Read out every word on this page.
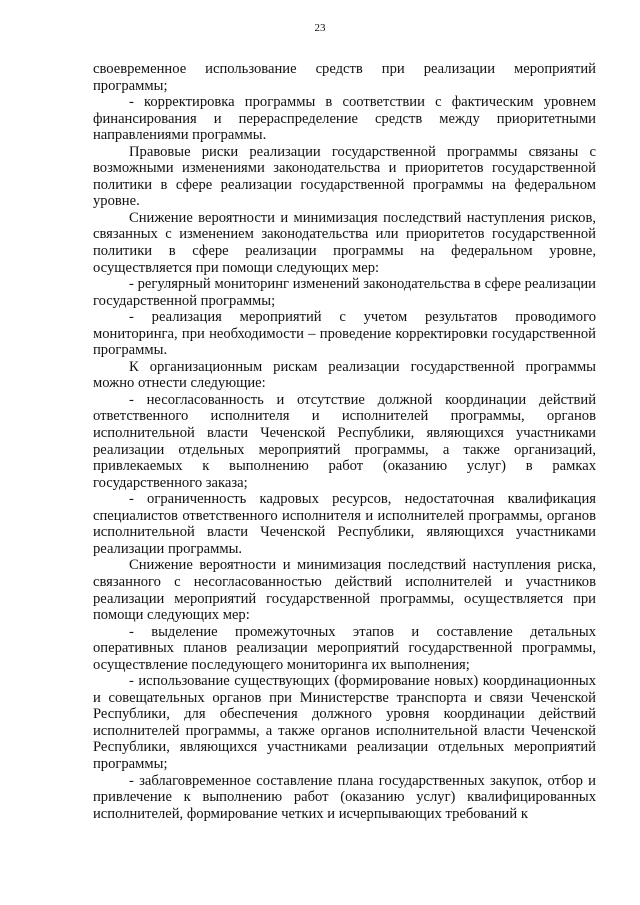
23

своевременное использование средств при реализации мероприятий программы;

- корректировка программы в соответствии с фактическим уровнем финансирования и перераспределение средств между приоритетными направлениями программы.

Правовые риски реализации государственной программы связаны с возможными изменениями законодательства и приоритетов государственной политики в сфере реализации государственной программы на федеральном уровне.

Снижение вероятности и минимизация последствий наступления рисков, связанных с изменением законодательства или приоритетов государственной политики в сфере реализации программы на федеральном уровне, осуществляется при помощи следующих мер:

- регулярный мониторинг изменений законодательства в сфере реализации государственной программы;

- реализация мероприятий с учетом результатов проводимого мониторинга, при необходимости – проведение корректировки государственной программы.

К организационным рискам реализации государственной программы можно отнести следующие:

- несогласованность и отсутствие должной координации действий ответственного исполнителя и исполнителей программы, органов исполнительной власти Чеченской Республики, являющихся участниками реализации отдельных мероприятий программы, а также организаций, привлекаемых к выполнению работ (оказанию услуг) в рамках государственного заказа;

- ограниченность кадровых ресурсов, недостаточная квалификация специалистов ответственного исполнителя и исполнителей программы, органов исполнительной власти Чеченской Республики, являющихся участниками реализации программы.

Снижение вероятности и минимизация последствий наступления риска, связанного с несогласованностью действий исполнителей и участников реализации мероприятий государственной программы, осуществляется при помощи следующих мер:

- выделение промежуточных этапов и составление детальных оперативных планов реализации мероприятий государственной программы, осуществление последующего мониторинга их выполнения;

- использование существующих (формирование новых) координационных и совещательных органов при Министерстве транспорта и связи Чеченской Республики, для обеспечения должного уровня координации действий исполнителей программы, а также органов исполнительной власти Чеченской Республики, являющихся участниками реализации отдельных мероприятий программы;

- заблаговременное составление плана государственных закупок, отбор и привлечение к выполнению работ (оказанию услуг) квалифицированных исполнителей, формирование четких и исчерпывающих требований к
